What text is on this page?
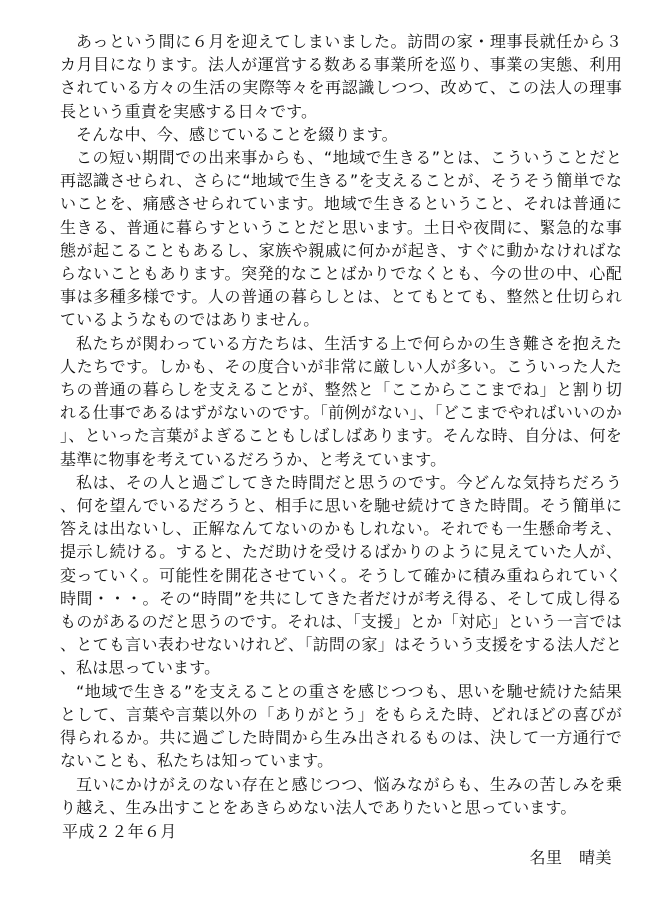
あっという間に６月を迎えてしまいました。訪問の家・理事長就任から３カ月目になります。法人が運営する数ある事業所を巡り、事業の実態、利用されている方々の生活の実際等々を再認識しつつ、改めて、この法人の理事長という重責を実感する日々です。

そんな中、今、感じていることを綴ります。

この短い期間での出来事からも、“地域で生きる”とは、こういうことだと再認識させられ、さらに“地域で生きる”を支えることが、そうそう簡単でないことを、痛感させられています。地域で生きるということ、それは普通に生きる、普通に暮らすということだと思います。土日や夜間に、緊急的な事態が起こることもあるし、家族や親戚に何かが起き、すぐに動かなければならないこともあります。突発的なことばかりでなくとも、今の世の中、心配事は多種多様です。人の普通の暮らしとは、とてもとても、整然と仕切られているようなものではありません。

私たちが関わっている方たちは、生活する上で何らかの生き難さを抱えた人たちです。しかも、その度合いが非常に厳しい人が多い。こういった人たちの普通の暮らしを支えることが、整然と「ここからここまでね」と割り切れる仕事であるはずがないのです。「前例がない」、「どこまでやればいいのか」、といった言葉がよぎることもしばしばあります。そんな時、自分は、何を基準に物事を考えているだろうか、と考えています。

私は、その人と過ごしてきた時間だと思うのです。今どんな気持ちだろう、何を望んでいるだろうと、相手に思いを馳せ続けてきた時間。そう簡単に答えは出ないし、正解なんてないのかもしれない。それでも一生懸命考え、提示し続ける。すると、ただ助けを受けるばかりのように見えていた人が、変っていく。可能性を開花させていく。そうして確かに積み重ねられていく時間・・・。その“時間”を共にしてきた者だけが考え得る、そして成し得るものがあるのだと思うのです。それは、「支援」とか「対応」という一言では、とても言い表わせないけれど、「訪問の家」はそういう支援をする法人だと、私は思っています。

“地域で生きる”を支えることの重さを感じつつも、思いを馳せ続けた結果として、言葉や言葉以外の「ありがとう」をもらえた時、どれほどの喜びが得られるか。共に過ごした時間から生み出されるものは、決して一方通行でないことも、私たちは知っています。

互いにかけがえのない存在と感じつつ、悩みながらも、生みの苦しみを乗り越え、生み出すことをあきらめない法人でありたいと思っています。

平成２２年６月
名里　晴美
